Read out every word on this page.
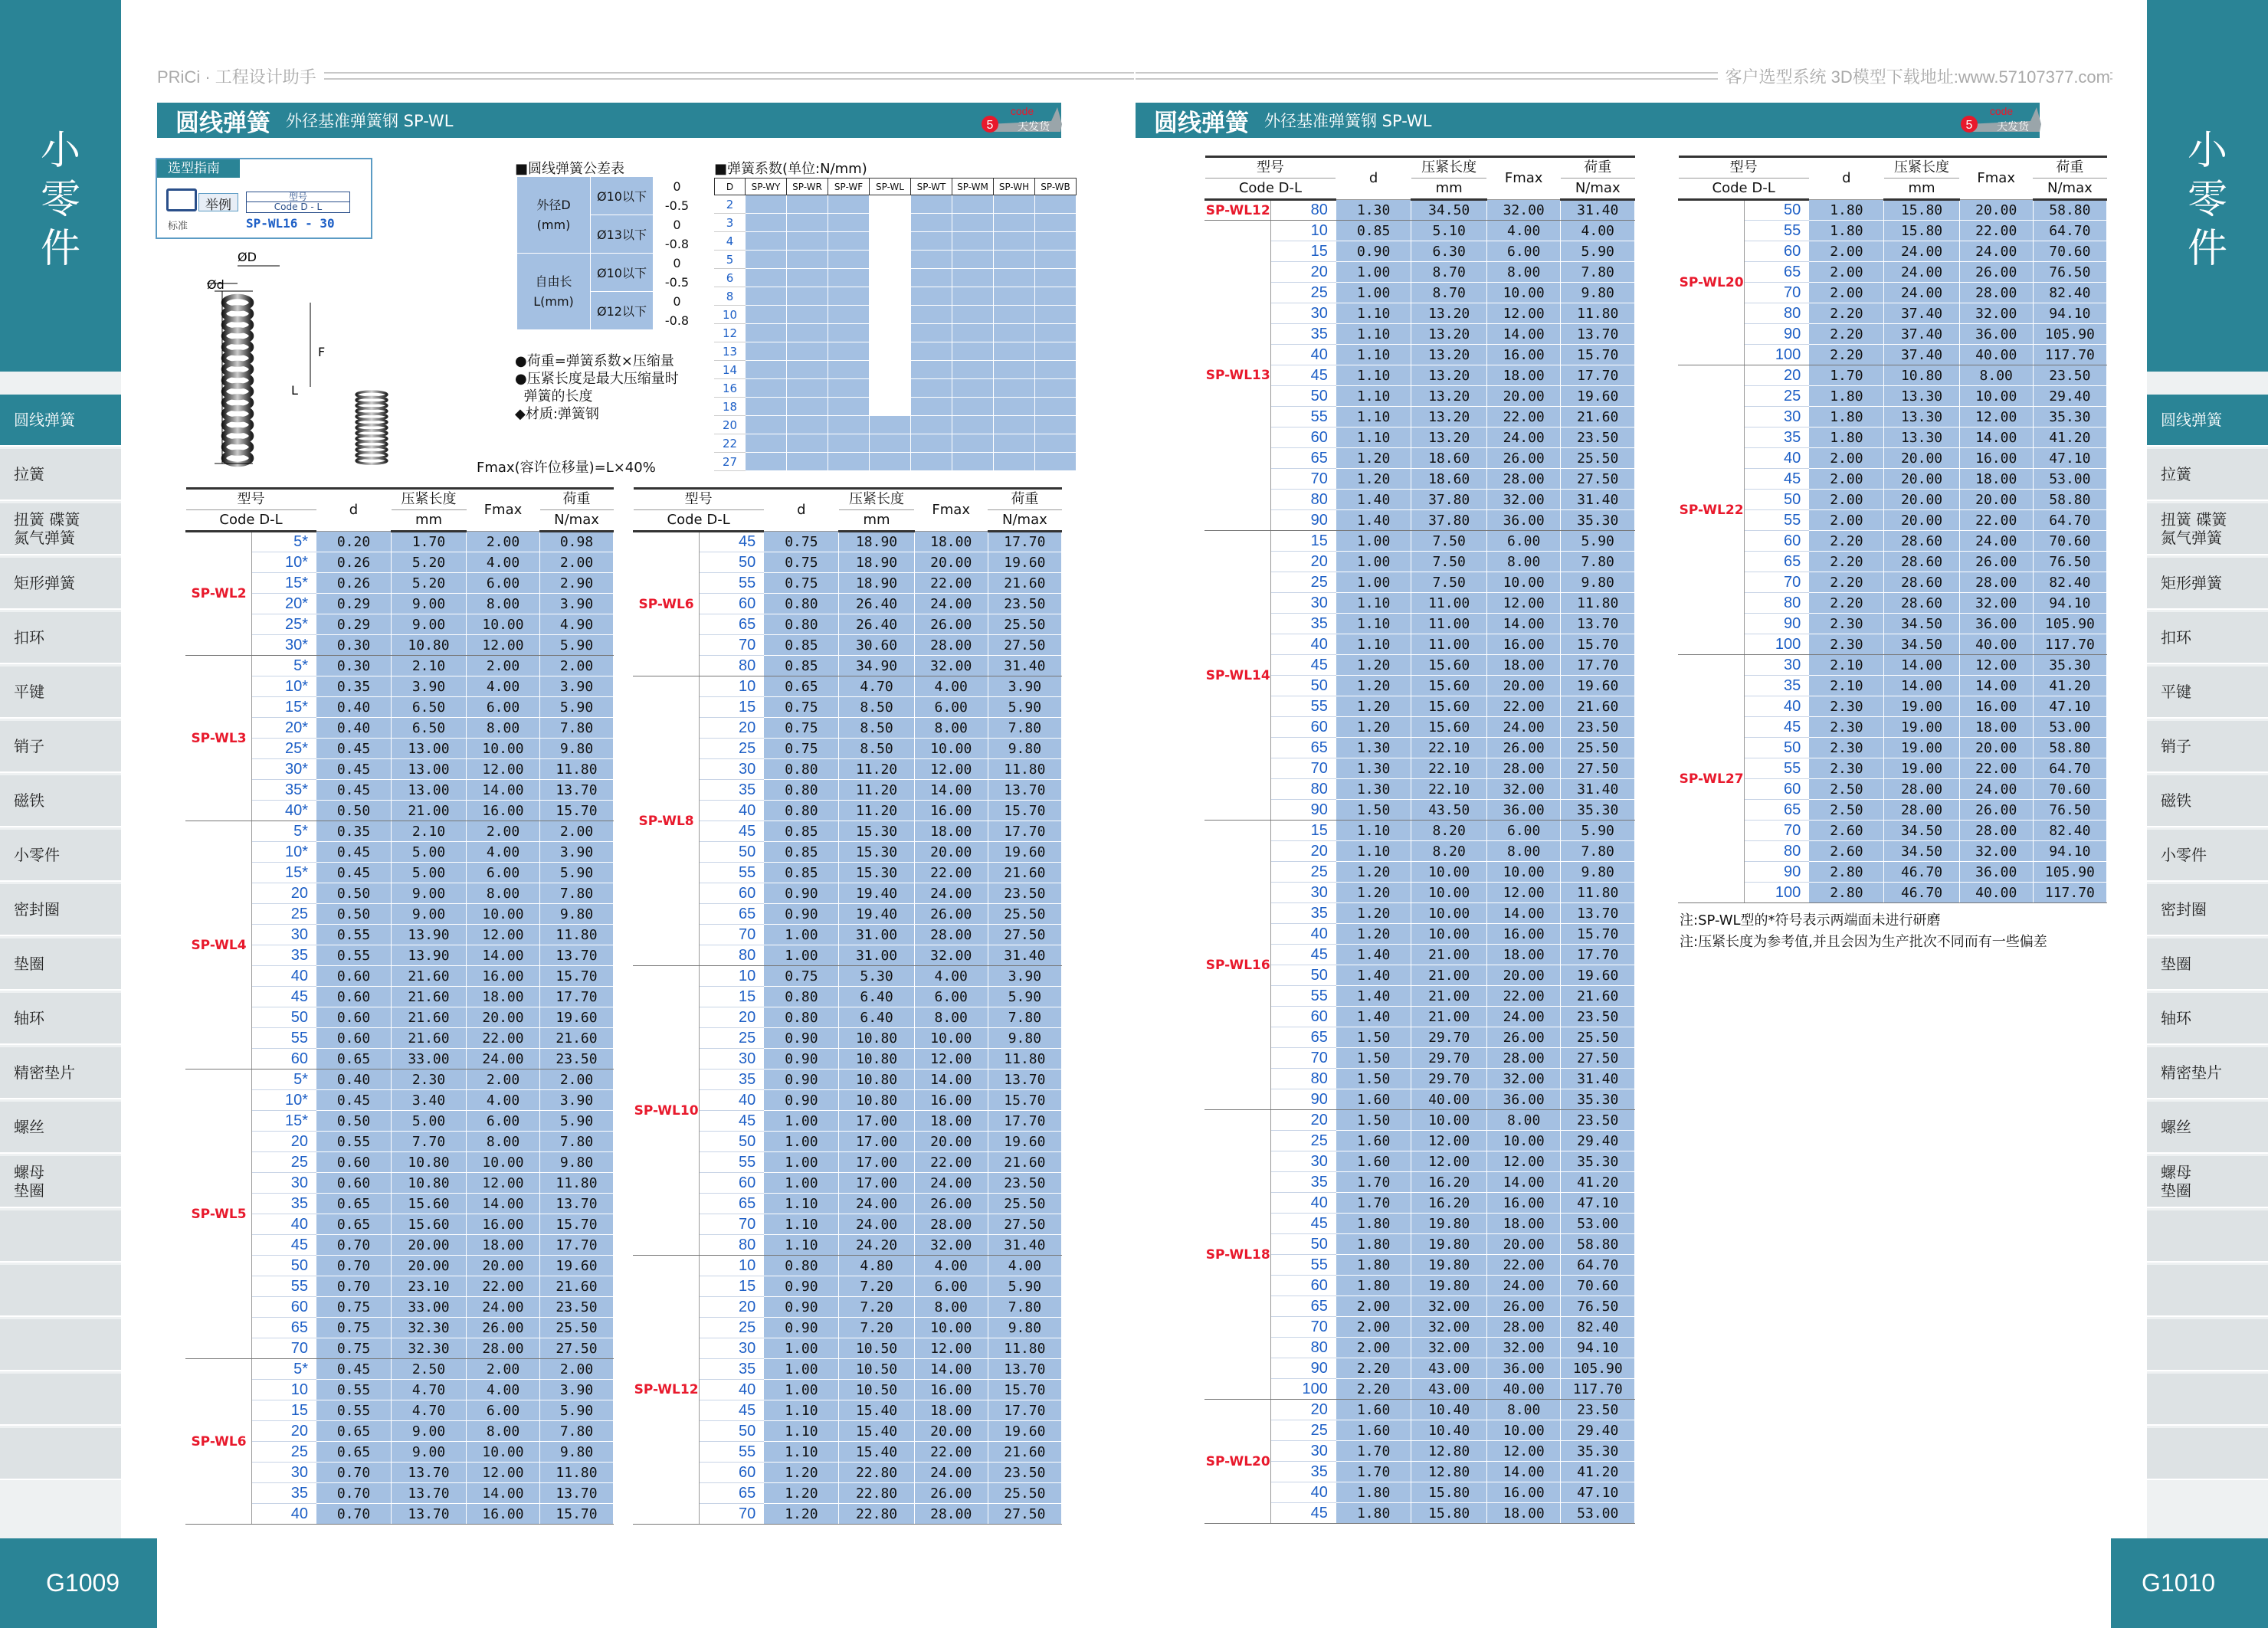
小
零
件
小
零
件
圆线弹簧
拉簧
扭簧 碟簧
氮气弹簧
矩形弹簧
扣环
平键
销子
磁铁
小零件
密封圈
垫圈
轴环
精密垫片
螺丝
螺母
垫圈
圆线弹簧
拉簧
扭簧 碟簧
氮气弹簧
矩形弹簧
扣环
平键
销子
磁铁
小零件
密封圈
垫圈
轴环
精密垫片
螺丝
螺母
垫圈
G1009	G1010
PRiCi · 工程设计助手	客户选型系统 3D模型下载地址:www.57107377.com
圆线弹簧 外径基准弹簧钢 SP-WL	圆线弹簧 外径基准弹簧钢 SP-WL
5
code
天发货	5
code
天发货
选型指南
举例
型号
Code D - L
标准	SP-WL16 - 30
Ød
ØD
L
F
■圆线弹簧公差表
外径D
(mm)	Ø10以下	0
		-0.5
	Ø13以下	0
		-0.8
自由长
L(mm)	Ø10以下	0
		-0.5
	Ø12以下	0
		-0.8
●荷重=弹簧系数×压缩量
●压紧长度是最大压缩量时
弹簧的长度
◆材质:弹簧钢
Fmax(容许位移量)=L×40%
■弹簧系数(单位:N/mm)
D	SP-WY	SP-WR	SP-WF	SP-WL	SP-WT	SP-WM	SP-WH	SP-WB
2								
3								
4								
5								
6								
8								
10								
12								
13								
14								
16								
18								
20								
22								
27								
型号		d	压紧长度	Fmax	荷重
Code D-L			mm		N/max
SP-WL2	5*	0.20	1.70	2.00	0.98
	10*	0.26	5.20	4.00	2.00
	15*	0.26	5.20	6.00	2.90
	20*	0.29	9.00	8.00	3.90
	25*	0.29	9.00	10.00	4.90
	30*	0.30	10.80	12.00	5.90
SP-WL3	5*	0.30	2.10	2.00	2.00
	10*	0.35	3.90	4.00	3.90
	15*	0.40	6.50	6.00	5.90
	20*	0.40	6.50	8.00	7.80
	25*	0.45	13.00	10.00	9.80
	30*	0.45	13.00	12.00	11.80
	35*	0.45	13.00	14.00	13.70
	40*	0.50	21.00	16.00	15.70
SP-WL4	5*	0.35	2.10	2.00	2.00
	10*	0.45	5.00	4.00	3.90
	15*	0.45	5.00	6.00	5.90
	20	0.50	9.00	8.00	7.80
	25	0.50	9.00	10.00	9.80
	30	0.55	13.90	12.00	11.80
	35	0.55	13.90	14.00	13.70
	40	0.60	21.60	16.00	15.70
	45	0.60	21.60	18.00	17.70
	50	0.60	21.60	20.00	19.60
	55	0.60	21.60	22.00	21.60
	60	0.65	33.00	24.00	23.50
SP-WL5	5*	0.40	2.30	2.00	2.00
	10*	0.45	3.40	4.00	3.90
	15*	0.50	5.00	6.00	5.90
	20	0.55	7.70	8.00	7.80
	25	0.60	10.80	10.00	9.80
	30	0.60	10.80	12.00	11.80
	35	0.65	15.60	14.00	13.70
	40	0.65	15.60	16.00	15.70
	45	0.70	20.00	18.00	17.70
	50	0.70	20.00	20.00	19.60
	55	0.70	23.10	22.00	21.60
	60	0.75	33.00	24.00	23.50
	65	0.75	32.30	26.00	25.50
	70	0.75	32.30	28.00	27.50
SP-WL6	5*	0.45	2.50	2.00	2.00
	10	0.55	4.70	4.00	3.90
	15	0.55	4.70	6.00	5.90
	20	0.65	9.00	8.00	7.80
	25	0.65	9.00	10.00	9.80
	30	0.70	13.70	12.00	11.80
	35	0.70	13.70	14.00	13.70
	40	0.70	13.70	16.00	15.70
型号		d	压紧长度	Fmax	荷重
Code D-L			mm		N/max
SP-WL6	45	0.75	18.90	18.00	17.70
	50	0.75	18.90	20.00	19.60
	55	0.75	18.90	22.00	21.60
	60	0.80	26.40	24.00	23.50
	65	0.80	26.40	26.00	25.50
	70	0.85	30.60	28.00	27.50
	80	0.85	34.90	32.00	31.40
SP-WL8	10	0.65	4.70	4.00	3.90
	15	0.75	8.50	6.00	5.90
	20	0.75	8.50	8.00	7.80
	25	0.75	8.50	10.00	9.80
	30	0.80	11.20	12.00	11.80
	35	0.80	11.20	14.00	13.70
	40	0.80	11.20	16.00	15.70
	45	0.85	15.30	18.00	17.70
	50	0.85	15.30	20.00	19.60
	55	0.85	15.30	22.00	21.60
	60	0.90	19.40	24.00	23.50
	65	0.90	19.40	26.00	25.50
	70	1.00	31.00	28.00	27.50
	80	1.00	31.00	32.00	31.40
SP-WL10	10	0.75	5.30	4.00	3.90
	15	0.80	6.40	6.00	5.90
	20	0.80	6.40	8.00	7.80
	25	0.90	10.80	10.00	9.80
	30	0.90	10.80	12.00	11.80
	35	0.90	10.80	14.00	13.70
	40	0.90	10.80	16.00	15.70
	45	1.00	17.00	18.00	17.70
	50	1.00	17.00	20.00	19.60
	55	1.00	17.00	22.00	21.60
	60	1.00	17.00	24.00	23.50
	65	1.10	24.00	26.00	25.50
	70	1.10	24.00	28.00	27.50
	80	1.10	24.20	32.00	31.40
SP-WL12	10	0.80	4.80	4.00	4.00
	15	0.90	7.20	6.00	5.90
	20	0.90	7.20	8.00	7.80
	25	0.90	7.20	10.00	9.80
	30	1.00	10.50	12.00	11.80
	35	1.00	10.50	14.00	13.70
	40	1.00	10.50	16.00	15.70
	45	1.10	15.40	18.00	17.70
	50	1.10	15.40	20.00	19.60
	55	1.10	15.40	22.00	21.60
	60	1.20	22.80	24.00	23.50
	65	1.20	22.80	26.00	25.50
	70	1.20	22.80	28.00	27.50
型号		d	压紧长度	Fmax	荷重
Code D-L			mm		N/max
SP-WL12	80	1.30	34.50	32.00	31.40
SP-WL13	10	0.85	5.10	4.00	4.00
	15	0.90	6.30	6.00	5.90
	20	1.00	8.70	8.00	7.80
	25	1.00	8.70	10.00	9.80
	30	1.10	13.20	12.00	11.80
	35	1.10	13.20	14.00	13.70
	40	1.10	13.20	16.00	15.70
	45	1.10	13.20	18.00	17.70
	50	1.10	13.20	20.00	19.60
	55	1.10	13.20	22.00	21.60
	60	1.10	13.20	24.00	23.50
	65	1.20	18.60	26.00	25.50
	70	1.20	18.60	28.00	27.50
	80	1.40	37.80	32.00	31.40
	90	1.40	37.80	36.00	35.30
SP-WL14	15	1.00	7.50	6.00	5.90
	20	1.00	7.50	8.00	7.80
	25	1.00	7.50	10.00	9.80
	30	1.10	11.00	12.00	11.80
	35	1.10	11.00	14.00	13.70
	40	1.10	11.00	16.00	15.70
	45	1.20	15.60	18.00	17.70
	50	1.20	15.60	20.00	19.60
	55	1.20	15.60	22.00	21.60
	60	1.20	15.60	24.00	23.50
	65	1.30	22.10	26.00	25.50
	70	1.30	22.10	28.00	27.50
	80	1.30	22.10	32.00	31.40
	90	1.50	43.50	36.00	35.30
SP-WL16	15	1.10	8.20	6.00	5.90
	20	1.10	8.20	8.00	7.80
	25	1.20	10.00	10.00	9.80
	30	1.20	10.00	12.00	11.80
	35	1.20	10.00	14.00	13.70
	40	1.20	10.00	16.00	15.70
	45	1.40	21.00	18.00	17.70
	50	1.40	21.00	20.00	19.60
	55	1.40	21.00	22.00	21.60
	60	1.40	21.00	24.00	23.50
	65	1.50	29.70	26.00	25.50
	70	1.50	29.70	28.00	27.50
	80	1.50	29.70	32.00	31.40
	90	1.60	40.00	36.00	35.30
SP-WL18	20	1.50	10.00	8.00	23.50
	25	1.60	12.00	10.00	29.40
	30	1.60	12.00	12.00	35.30
	35	1.70	16.20	14.00	41.20
	40	1.70	16.20	16.00	47.10
	45	1.80	19.80	18.00	53.00
	50	1.80	19.80	20.00	58.80
	55	1.80	19.80	22.00	64.70
	60	1.80	19.80	24.00	70.60
	65	2.00	32.00	26.00	76.50
	70	2.00	32.00	28.00	82.40
	80	2.00	32.00	32.00	94.10
	90	2.20	43.00	36.00	105.90
	100	2.20	43.00	40.00	117.70
SP-WL20	20	1.60	10.40	8.00	23.50
	25	1.60	10.40	10.00	29.40
	30	1.70	12.80	12.00	35.30
	35	1.70	12.80	14.00	41.20
	40	1.80	15.80	16.00	47.10
	45	1.80	15.80	18.00	53.00
型号		d	压紧长度	Fmax	荷重
Code D-L			mm		N/max
SP-WL20	50	1.80	15.80	20.00	58.80
	55	1.80	15.80	22.00	64.70
	60	2.00	24.00	24.00	70.60
	65	2.00	24.00	26.00	76.50
	70	2.00	24.00	28.00	82.40
	80	2.20	37.40	32.00	94.10
	90	2.20	37.40	36.00	105.90
	100	2.20	37.40	40.00	117.70
SP-WL22	20	1.70	10.80	8.00	23.50
	25	1.80	13.30	10.00	29.40
	30	1.80	13.30	12.00	35.30
	35	1.80	13.30	14.00	41.20
	40	2.00	20.00	16.00	47.10
	45	2.00	20.00	18.00	53.00
	50	2.00	20.00	20.00	58.80
	55	2.00	20.00	22.00	64.70
	60	2.20	28.60	24.00	70.60
	65	2.20	28.60	26.00	76.50
	70	2.20	28.60	28.00	82.40
	80	2.20	28.60	32.00	94.10
	90	2.30	34.50	36.00	105.90
	100	2.30	34.50	40.00	117.70
SP-WL27	30	2.10	14.00	12.00	35.30
	35	2.10	14.00	14.00	41.20
	40	2.30	19.00	16.00	47.10
	45	2.30	19.00	18.00	53.00
	50	2.30	19.00	20.00	58.80
	55	2.30	19.00	22.00	64.70
	60	2.50	28.00	24.00	70.60
	65	2.50	28.00	26.00	76.50
	70	2.60	34.50	28.00	82.40
	80	2.60	34.50	32.00	94.10
	90	2.80	46.70	36.00	105.90
	100	2.80	46.70	40.00	117.70
注:SP-WL型的*符号表示两端面未进行研磨
注:压紧长度为参考值,并且会因为生产批次不同而有一些偏差
